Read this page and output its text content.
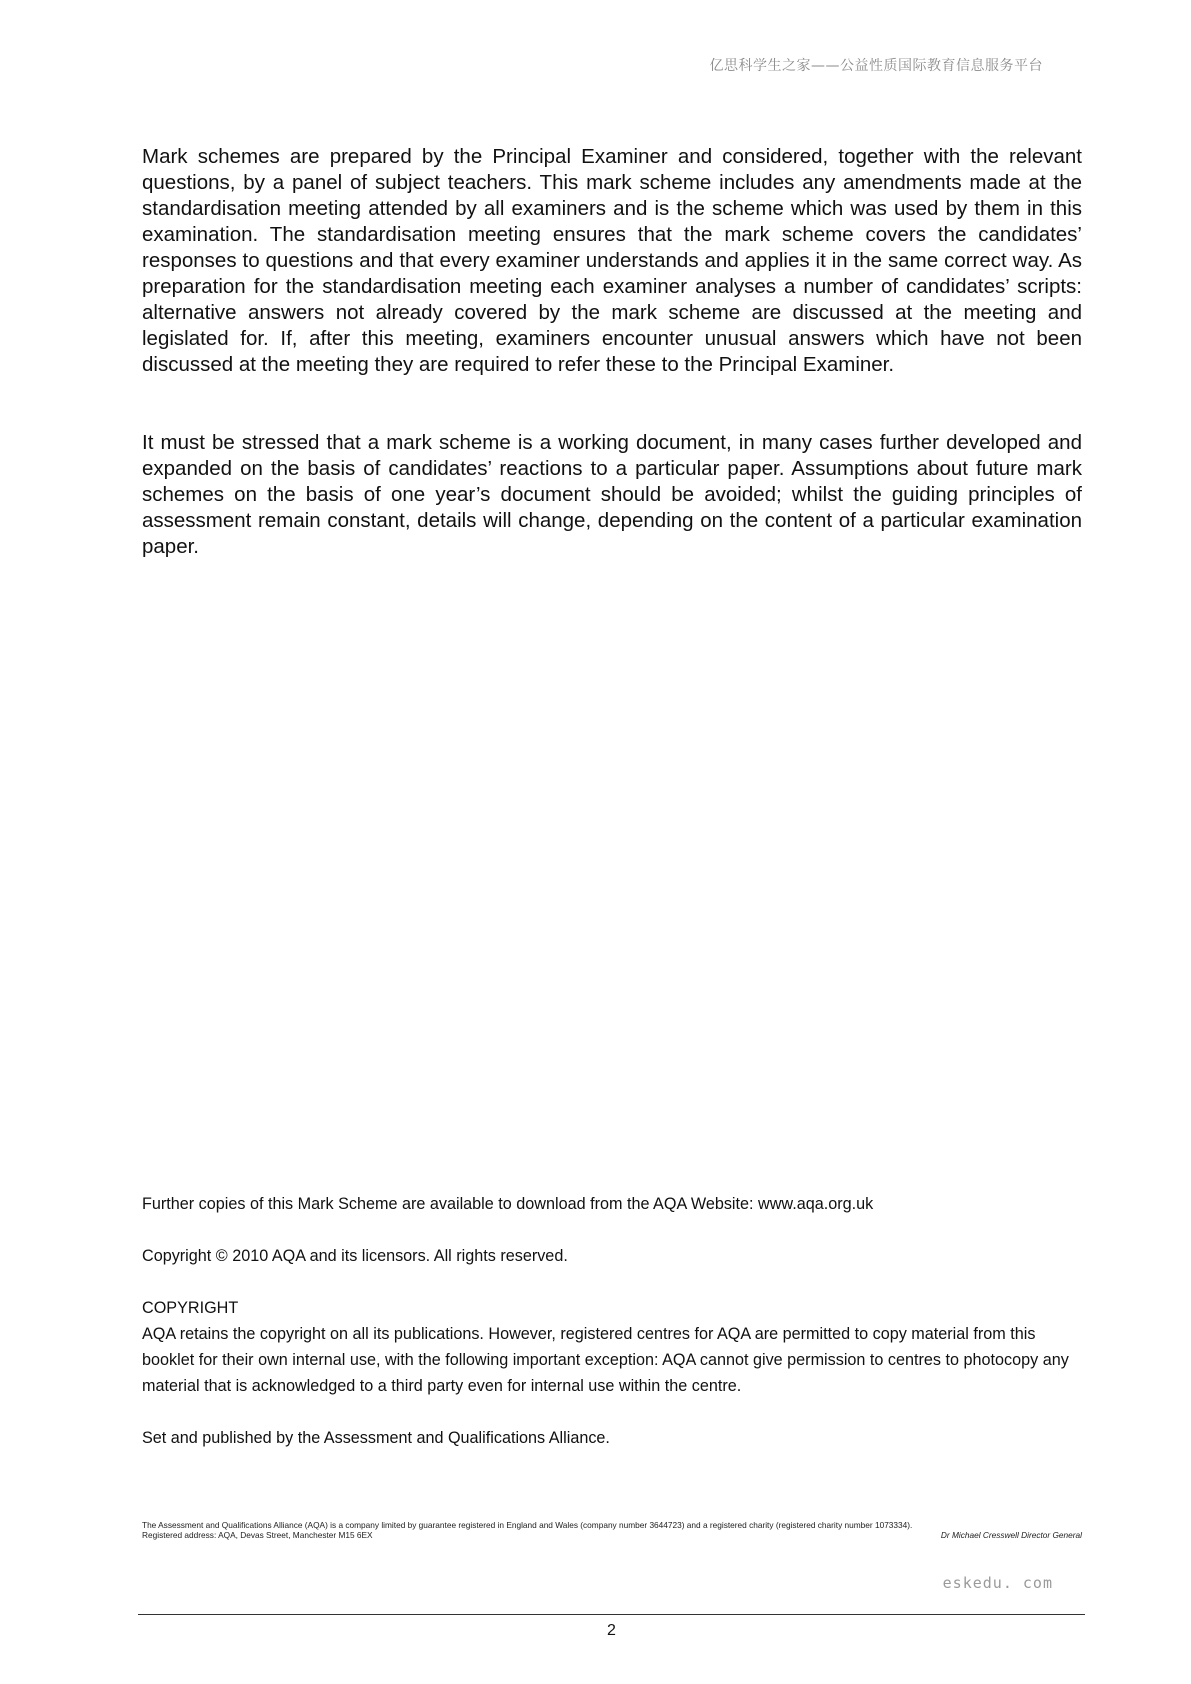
亿思科学生之家——公益性质国际教育信息服务平台

Mark schemes are prepared by the Principal Examiner and considered, together with the relevant questions, by a panel of subject teachers. This mark scheme includes any amendments made at the standardisation meeting attended by all examiners and is the scheme which was used by them in this examination. The standardisation meeting ensures that the mark scheme covers the candidates’ responses to questions and that every examiner understands and applies it in the same correct way. As preparation for the standardisation meeting each examiner analyses a number of candidates’ scripts: alternative answers not already covered by the mark scheme are discussed at the meeting and legislated for. If, after this meeting, examiners encounter unusual answers which have not been discussed at the meeting they are required to refer these to the Principal Examiner.

It must be stressed that a mark scheme is a working document, in many cases further developed and expanded on the basis of candidates’ reactions to a particular paper. Assumptions about future mark schemes on the basis of one year’s document should be avoided; whilst the guiding principles of assessment remain constant, details will change, depending on the content of a particular examination paper.

Further copies of this Mark Scheme are available to download from the AQA Website: www.aqa.org.uk
Copyright © 2010 AQA and its licensors. All rights reserved.
COPYRIGHT
AQA retains the copyright on all its publications. However, registered centres for AQA are permitted to copy material from this booklet for their own internal use, with the following important exception: AQA cannot give permission to centres to photocopy any material that is acknowledged to a third party even for internal use within the centre.
Set and published by the Assessment and Qualifications Alliance.
The Assessment and Qualifications Alliance (AQA) is a company limited by guarantee registered in England and Wales (company number 3644723) and a registered charity (registered charity number 1073334).
Registered address: AQA, Devas Street, Manchester M15 6EX	Dr Michael Cresswell Director General
eskedu. com
2
